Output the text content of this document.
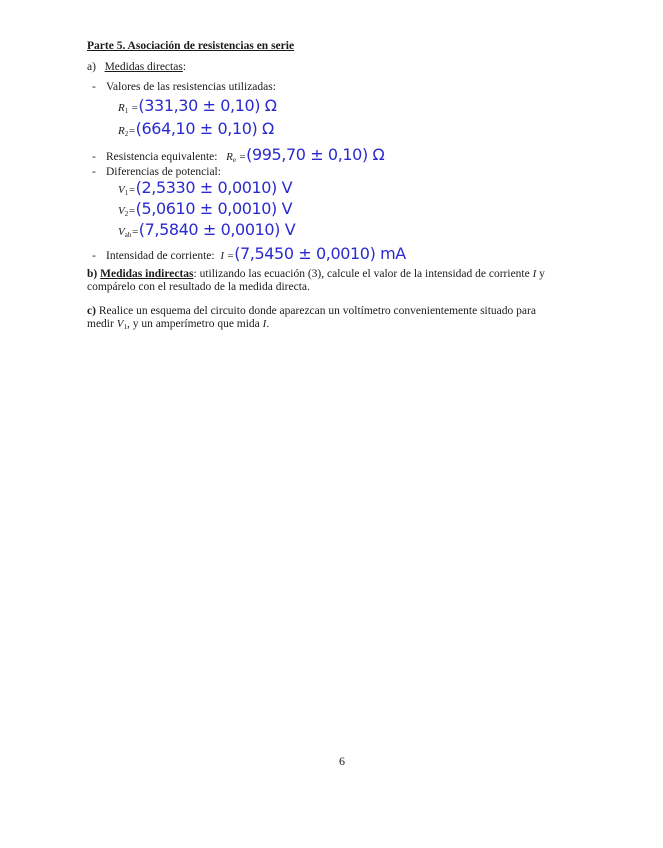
Parte 5. Asociación de resistencias en serie
a) Medidas directas:
- Valores de las resistencias utilizadas:
$R_1 =(331,30 \pm 0,10)$ Ω
$R_2=(664,10 \pm 0,10)$ Ω
- Resistencia equivalente: $R_e =(995,70 \pm 0,10)$ Ω
- Diferencias de potencial:
$V_1=(2,5330 \pm 0,0010)$ V
$V_2=(5,0610 \pm 0,0010)$ V
$V_{ab}=(7,5840 \pm 0,0010)$ V
- Intensidad de corriente: I =(7,5450 ± 0,0010) mA
b) Medidas indirectas: utilizando las ecuación (3), calcule el valor de la intensidad de corriente I y
compárelo con el resultado de la medida directa.
c) Realice un esquema del circuito donde aparezcan un voltímetro convenientemente situado para
medir $V_1$, y un amperímetro que mida I.
6
